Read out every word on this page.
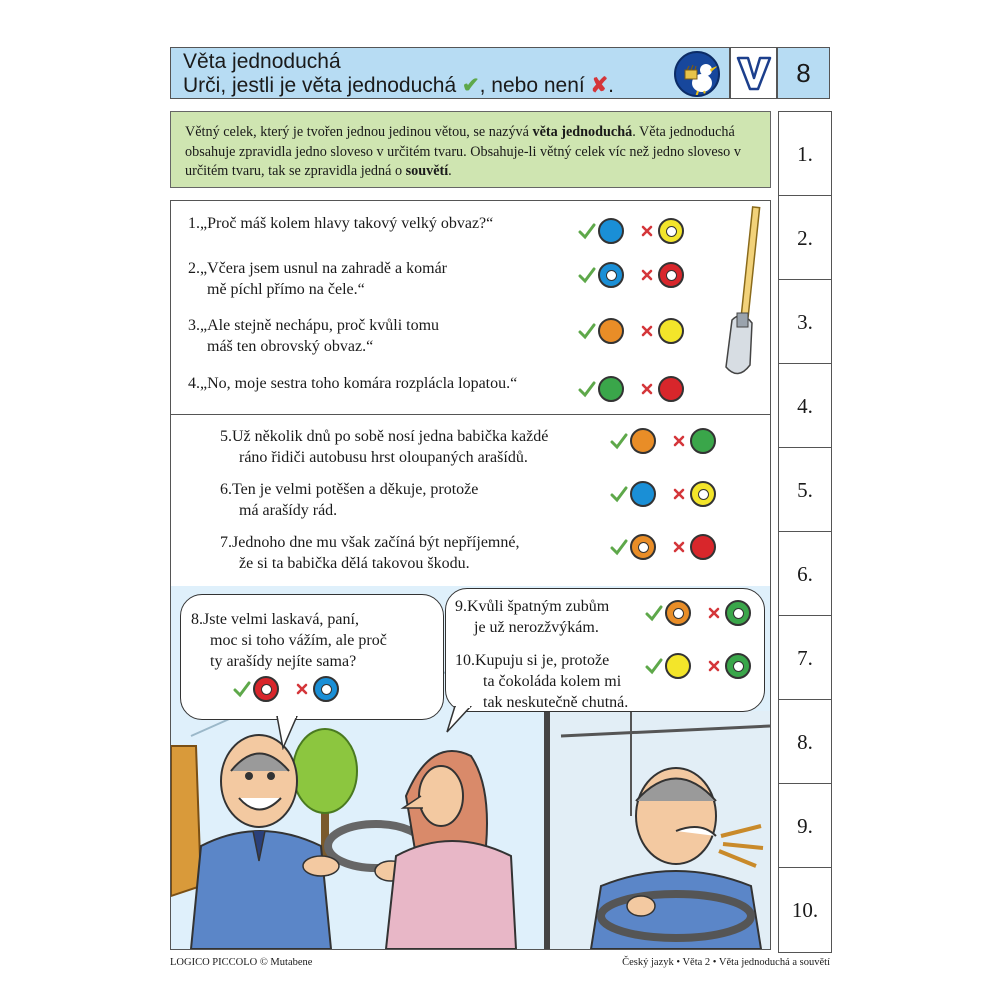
Věta jednoduchá
Urči, jestli je věta jednoduchá ✔, nebo není ✘.	8
Větný celek, který je tvořen jednou jedinou větou, se nazývá věta jednoduchá. Věta jednoduchá obsahuje zpravidla jedno sloveso v určitém tvaru. Obsahuje-li větný celek víc než jedno sloveso v určitém tvaru, tak se zpravidla jedná o souvětí.
LOGICO PICCOLO © Mutabene	Český jazyk • Věta 2 • Věta jednoduchá a souvětí
1.„Proč máš kolem hlavy takový velký obvaz?“
2.„Včera jsem usnul na zahradě a komár
mě píchl přímo na čele.“
3.„Ale stejně nechápu, proč kvůli tomu
máš ten obrovský obvaz.“
4.„No, moje sestra toho komára rozplácla lopatou.“
5.Už několik dnů po sobě nosí jedna babička každé
ráno řidiči autobusu hrst oloupaných arašídů.
6.Ten je velmi potěšen a děkuje, protože
má arašídy rád.
7.Jednoho dne mu však začíná být nepříjemné,
že si ta babička dělá takovou škodu.
8.Jste velmi laskavá, paní,
moc si toho vážím, ale proč
ty arašídy nejíte sama?
9.Kvůli špatným zubům
je už nerozžvýkám.
10.Kupuju si je, protože
ta čokoláda kolem mi
tak neskutečně chutná.
1.
2.
3.
4.
5.
6.
7.
8.
9.
10.
